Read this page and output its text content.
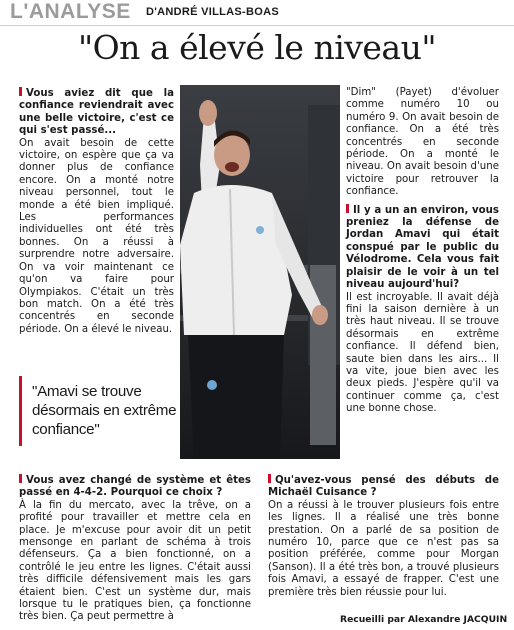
L'ANALYSE D'ANDRÉ VILLAS-BOAS
"On a élevé le niveau"

Vous aviez dit que la confiance reviendrait avec une belle victoire, c'est ce qui s'est passé...

On avait besoin de cette victoire, on espère que ça va donner plus de confiance encore. On a monté notre niveau personnel, tout le monde a été bien impliqué. Les performances individuelles ont été très bonnes. On a réussi à surprendre notre adversaire. On va voir maintenant ce qu'on va faire pour Olympiakos. C'était un très bon match. On a été très concentrés en seconde période. On a élevé le niveau.

"Amavi se trouve désormais en extrême confiance"

"Dim" (Payet) d'évoluer comme numéro 10 ou numéro 9. On avait besoin de confiance. On a été très concentrés en seconde période. On a monté le niveau. On avait besoin d'une victoire pour retrouver la confiance.

Il y a un an environ, vous preniez la défense de Jordan Amavi qui était conspué par le public du Vélodrome. Cela vous fait plaisir de le voir à un tel niveau aujourd'hui?

Il est incroyable. Il avait déjà fini la saison dernière à un très haut niveau. Il se trouve désormais en extrême confiance. Il défend bien, saute bien dans les airs... Il va vite, joue bien avec les deux pieds. J'espère qu'il va continuer comme ça, c'est une bonne chose.

Vous avez changé de système et êtes passé en 4-4-2. Pourquoi ce choix ?

À la fin du mercato, avec la trêve, on a profité pour travailler et mettre cela en place. Je m'excuse pour avoir dit un petit mensonge en parlant de schéma à trois défenseurs. Ça a bien fonctionné, on a contrôlé le jeu entre les lignes. C'était aussi très difficile défensivement mais les gars étaient bien. C'est un système dur, mais lorsque tu le pratiques bien, ça fonctionne très bien. Ça peut permettre à

Qu'avez-vous pensé des débuts de Michaël Cuisance ?

On a réussi à le trouver plusieurs fois entre les lignes. Il a réalisé une très bonne prestation. On a parlé de sa position de numéro 10, parce que ce n'est pas sa position préférée, comme pour Morgan (Sanson). Il a été très bon, a trouvé plusieurs fois Amavi, a essayé de frapper. C'est une première très bien réussie pour lui.

Recueilli par Alexandre JACQUIN
